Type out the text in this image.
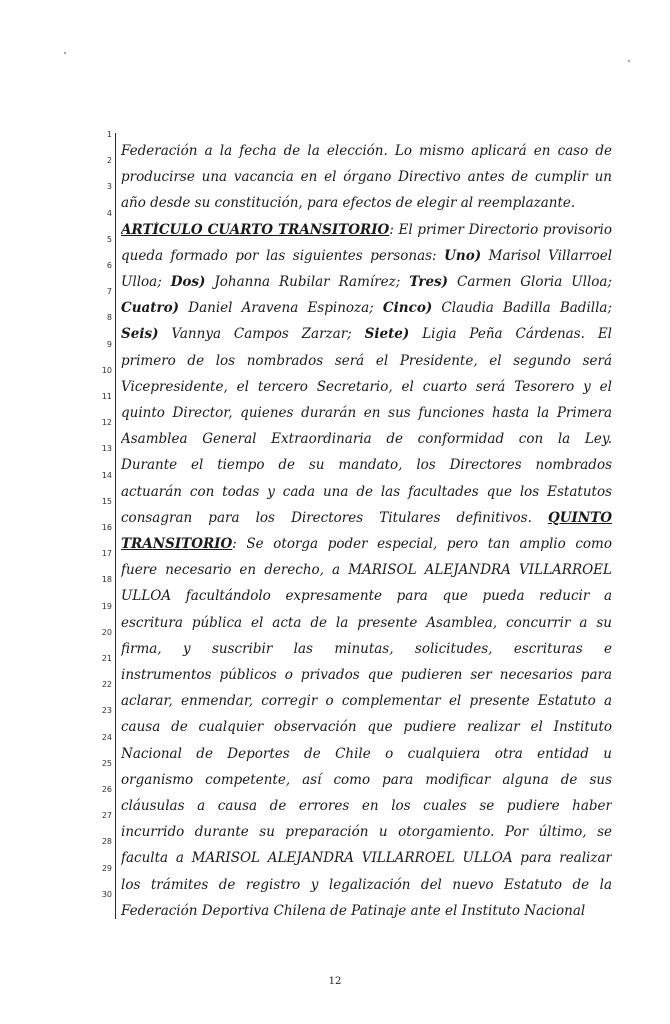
1
Federación a la fecha de la elección. Lo mismo aplicará en caso de
2
producirse una vacancia en el órgano Directivo antes de cumplir un
3
año desde su constitución, para efectos de elegir al reemplazante.
4
ARTÍCULO CUARTO TRANSITORIO: El primer Directorio provisorio
5
queda formado por las siguientes personas: Uno) Marisol Villarroel
6
Ulloa; Dos) Johanna Rubilar Ramírez; Tres) Carmen Gloria Ulloa;
7
Cuatro) Daniel Aravena Espinoza; Cinco) Claudia Badilla Badilla;
8
Seis) Vannya Campos Zarzar; Siete) Ligia Peña Cárdenas. El
9
primero de los nombrados será el Presidente, el segundo será
10
Vicepresidente, el tercero Secretario, el cuarto será Tesorero y el
11
quinto Director, quienes durarán en sus funciones hasta la Primera
12
Asamblea General Extraordinaria de conformidad con la Ley.
13
Durante el tiempo de su mandato, los Directores nombrados
14
actuarán con todas y cada una de las facultades que los Estatutos
15
consagran para los Directores Titulares definitivos. QUINTO
16
TRANSITORIO: Se otorga poder especial, pero tan amplio como
17
fuere necesario en derecho, a MARISOL ALEJANDRA VILLARROEL
18
ULLOA facultándolo expresamente para que pueda reducir a
19
escritura pública el acta de la presente Asamblea, concurrir a su
20
firma, y suscribir las minutas, solicitudes, escrituras e
21
instrumentos públicos o privados que pudieren ser necesarios para
22
aclarar, enmendar, corregir o complementar el presente Estatuto a
23
causa de cualquier observación que pudiere realizar el Instituto
24
Nacional de Deportes de Chile o cualquiera otra entidad u
25
organismo competente, así como para modificar alguna de sus
26
cláusulas a causa de errores en los cuales se pudiere haber
27
incurrido durante su preparación u otorgamiento. Por último, se
28
faculta a MARISOL ALEJANDRA VILLARROEL ULLOA para realizar
29
los trámites de registro y legalización del nuevo Estatuto de la
30
Federación Deportiva Chilena de Patinaje ante el Instituto Nacional
12
